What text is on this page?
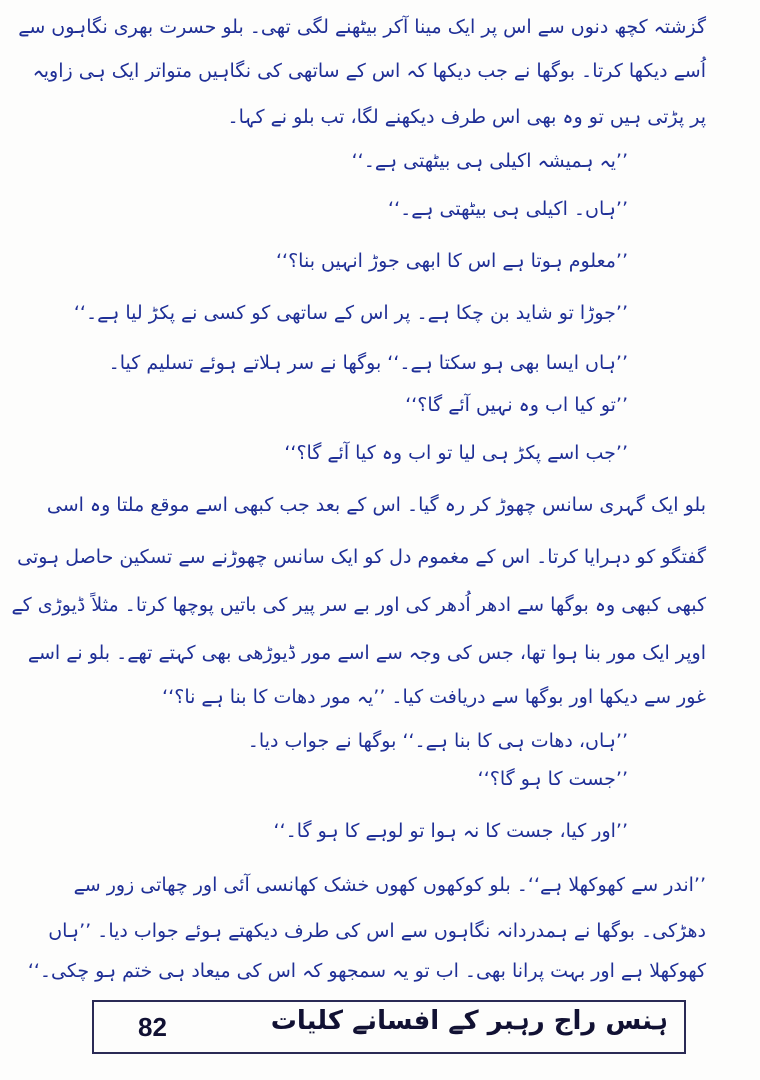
گزشتہ کچھ دنوں سے اس پر ایک مینا آکر بیٹھنے لگی تھی۔ بلو حسرت بھری نگاہوں سے
اُسے دیکھا کرتا۔ بوگھا نے جب دیکھا کہ اس کے ساتھی کی نگاہیں متواتر ایک ہی زاویہ
پر پڑتی ہیں تو وہ بھی اس طرف دیکھنے لگا، تب بلو نے کہا۔
’’یہ ہمیشہ اکیلی ہی بیٹھتی ہے۔‘‘
’’ہاں۔ اکیلی ہی بیٹھتی ہے۔‘‘
’’معلوم ہوتا ہے اس کا ابھی جوڑ انہیں بنا؟‘‘
’’جوڑا تو شاید بن چکا ہے۔ پر اس کے ساتھی کو کسی نے پکڑ لیا ہے۔‘‘
’’ہاں ایسا بھی ہو سکتا ہے۔‘‘ بوگھا نے سر ہلاتے ہوئے تسلیم کیا۔
’’تو کیا اب وہ نہیں آئے گا؟‘‘
’’جب اسے پکڑ ہی لیا تو اب وہ کیا آئے گا؟‘‘
بلو ایک گہری سانس چھوڑ کر رہ گیا۔ اس کے بعد جب کبھی اسے موقع ملتا وہ اسی
گفتگو کو دہرایا کرتا۔ اس کے مغموم دل کو ایک سانس چھوڑنے سے تسکین حاصل ہوتی
کبھی کبھی وہ بوگھا سے ادھر اُدھر کی اور بے سر پیر کی باتیں پوچھا کرتا۔ مثلاً ڈیوڑی کے
اوپر ایک مور بنا ہوا تھا، جس کی وجہ سے اسے مور ڈیوڑھی بھی کہتے تھے۔ بلو نے اسے
غور سے دیکھا اور بوگھا سے دریافت کیا۔ ’’یہ مور دھات کا بنا ہے نا؟‘‘
’’ہاں، دھات ہی کا بنا ہے۔‘‘ بوگھا نے جواب دیا۔
’’جست کا ہو گا؟‘‘
’’اور کیا، جست کا نہ ہوا تو لوہے کا ہو گا۔‘‘
’’اندر سے کھوکھلا ہے‘‘۔ بلو کوکھوں کھوں خشک کھانسی آئی اور چھاتی زور سے
دھڑکی۔ بوگھا نے ہمدردانہ نگاہوں سے اس کی طرف دیکھتے ہوئے جواب دیا۔ ’’ہاں
کھوکھلا ہے اور بہت پرانا بھی۔ اب تو یہ سمجھو کہ اس کی میعاد ہی ختم ہو چکی۔‘‘
82	ہنس راج رہبر کے افسانے کلیات
